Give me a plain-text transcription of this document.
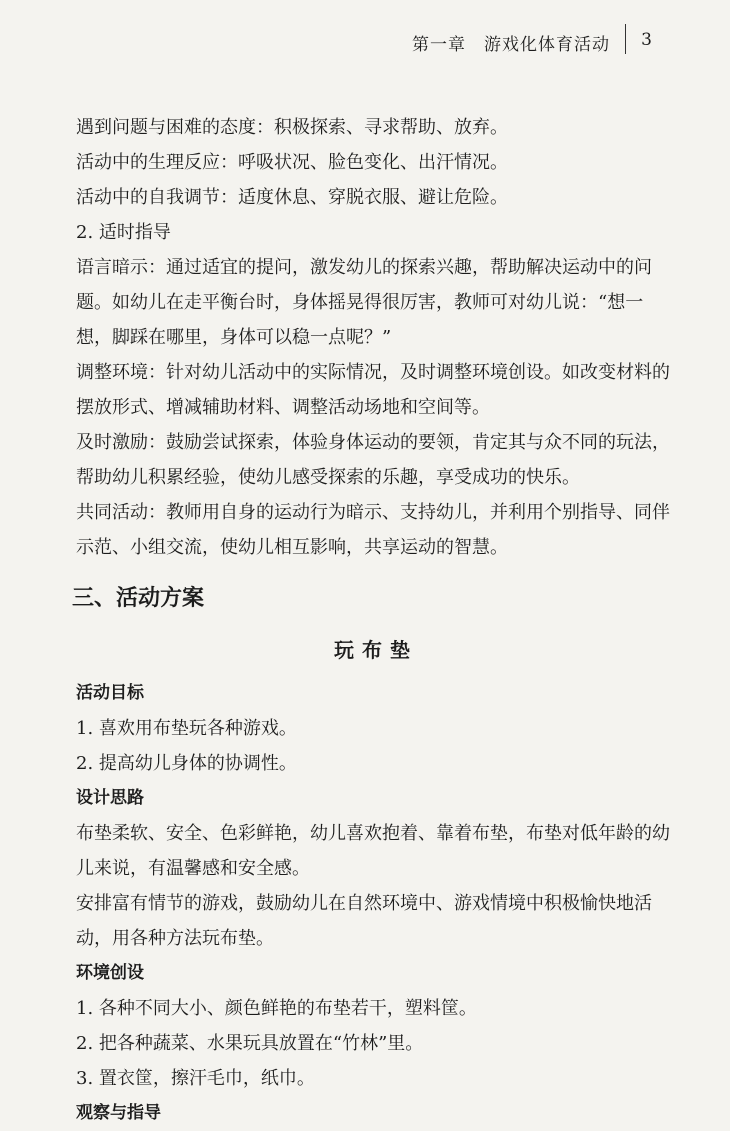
第一章　游戏化体育活动 3

遇到问题与困难的态度：积极探索、寻求帮助、放弃。

活动中的生理反应：呼吸状况、脸色变化、出汗情况。

活动中的自我调节：适度休息、穿脱衣服、避让危险。

2. 适时指导

语言暗示：通过适宜的提问，激发幼儿的探索兴趣，帮助解决运动中的问题。如幼儿在走平衡台时，身体摇晃得很厉害，教师可对幼儿说：“想一想，脚踩在哪里，身体可以稳一点呢？”

调整环境：针对幼儿活动中的实际情况，及时调整环境创设。如改变材料的摆放形式、增减辅助材料、调整活动场地和空间等。

及时激励：鼓励尝试探索，体验身体运动的要领，肯定其与众不同的玩法，帮助幼儿积累经验，使幼儿感受探索的乐趣，享受成功的快乐。

共同活动：教师用自身的运动行为暗示、支持幼儿，并利用个别指导、同伴示范、小组交流，使幼儿相互影响，共享运动的智慧。

三、活动方案
玩布垫
活动目标

1. 喜欢用布垫玩各种游戏。

2. 提高幼儿身体的协调性。

设计思路

布垫柔软、安全、色彩鲜艳，幼儿喜欢抱着、靠着布垫，布垫对低年龄的幼儿来说，有温馨感和安全感。

安排富有情节的游戏，鼓励幼儿在自然环境中、游戏情境中积极愉快地活动，用各种方法玩布垫。

环境创设

1. 各种不同大小、颜色鲜艳的布垫若干，塑料筐。

2. 把各种蔬菜、水果玩具放置在“竹林”里。

3. 置衣筐，擦汗毛巾，纸巾。

观察与指导
